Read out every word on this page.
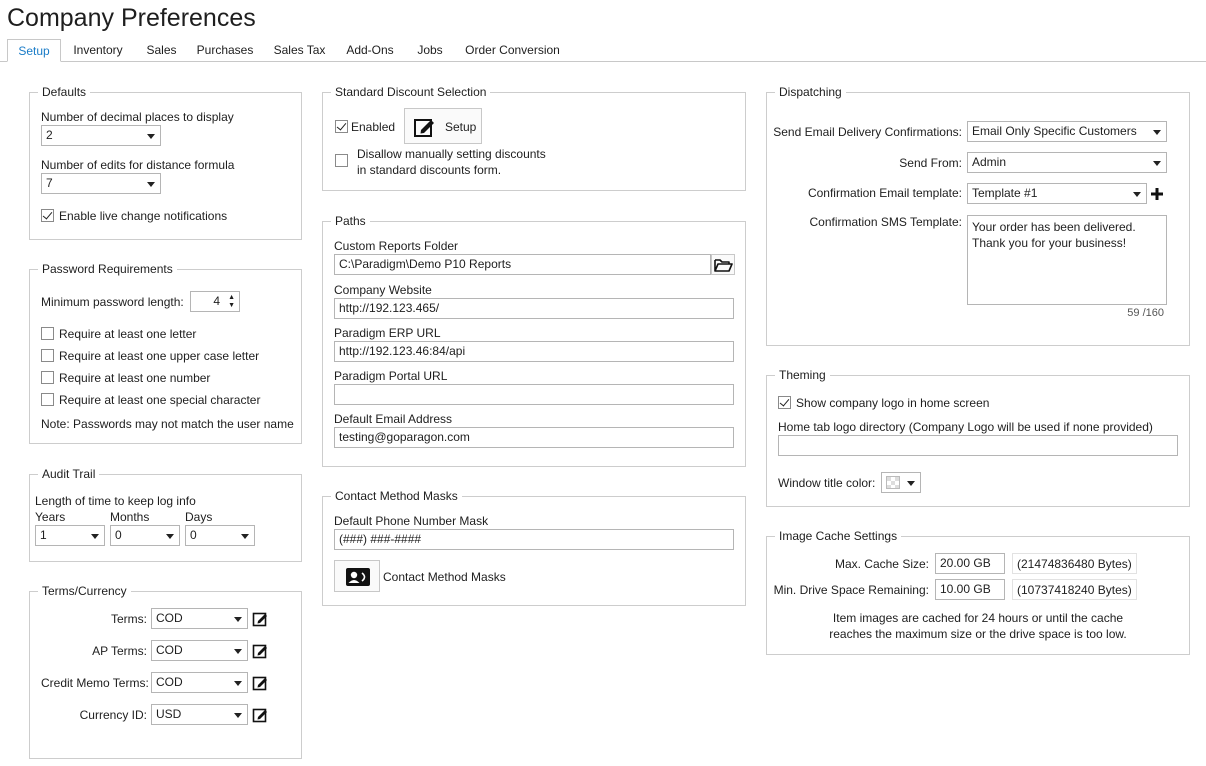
Company Preferences
Setup	Inventory	Sales Purchases Sales Tax	Add-Ons	Jobs	Order Conversion
Defaults
Number of decimal places to display
2
Number of edits for distance formula
7
Enable live change notifications
Password Requirements
Minimum password length:	4 ▲
▼
Require at least one letter
Require at least one upper case letter
Require at least one number
Require at least one special character
Note: Passwords may not match the user name
Audit Trail
Length of time to keep log info
Years	Months	Days
1	0	0
Terms/Currency
Terms: COD
AP Terms: COD
Credit Memo Terms: COD
Currency ID: USD
Standard Discount Selection
Enabled	Setup
Disallow manually setting discounts
in standard discounts form.
Paths
Custom Reports Folder
C:\Paradigm\Demo P10 Reports
Company Website
http://192.123.465/
Paradigm ERP URL
http://192.123.46:84/api
Paradigm Portal URL
Default Email Address
testing@goparagon.com
Contact Method Masks
Default Phone Number Mask
(###) ###-####
Contact Method Masks
Dispatching
Send Email Delivery Confirmations: Email Only Specific Customers
Send From: Admin
Confirmation Email template: Template #1
Confirmation SMS Template: Your order has been delivered.
Thank you for your business!
59 /160
Theming
Show company logo in home screen
Home tab logo directory (Company Logo will be used if none provided)
Window title color:
Image Cache Settings
Max. Cache Size: 20.00 GB	(21474836480 Bytes)
Min. Drive Space Remaining: 10.00 GB	(10737418240 Bytes)
Item images are cached for 24 hours or until the cache
reaches the maximum size or the drive space is too low.
